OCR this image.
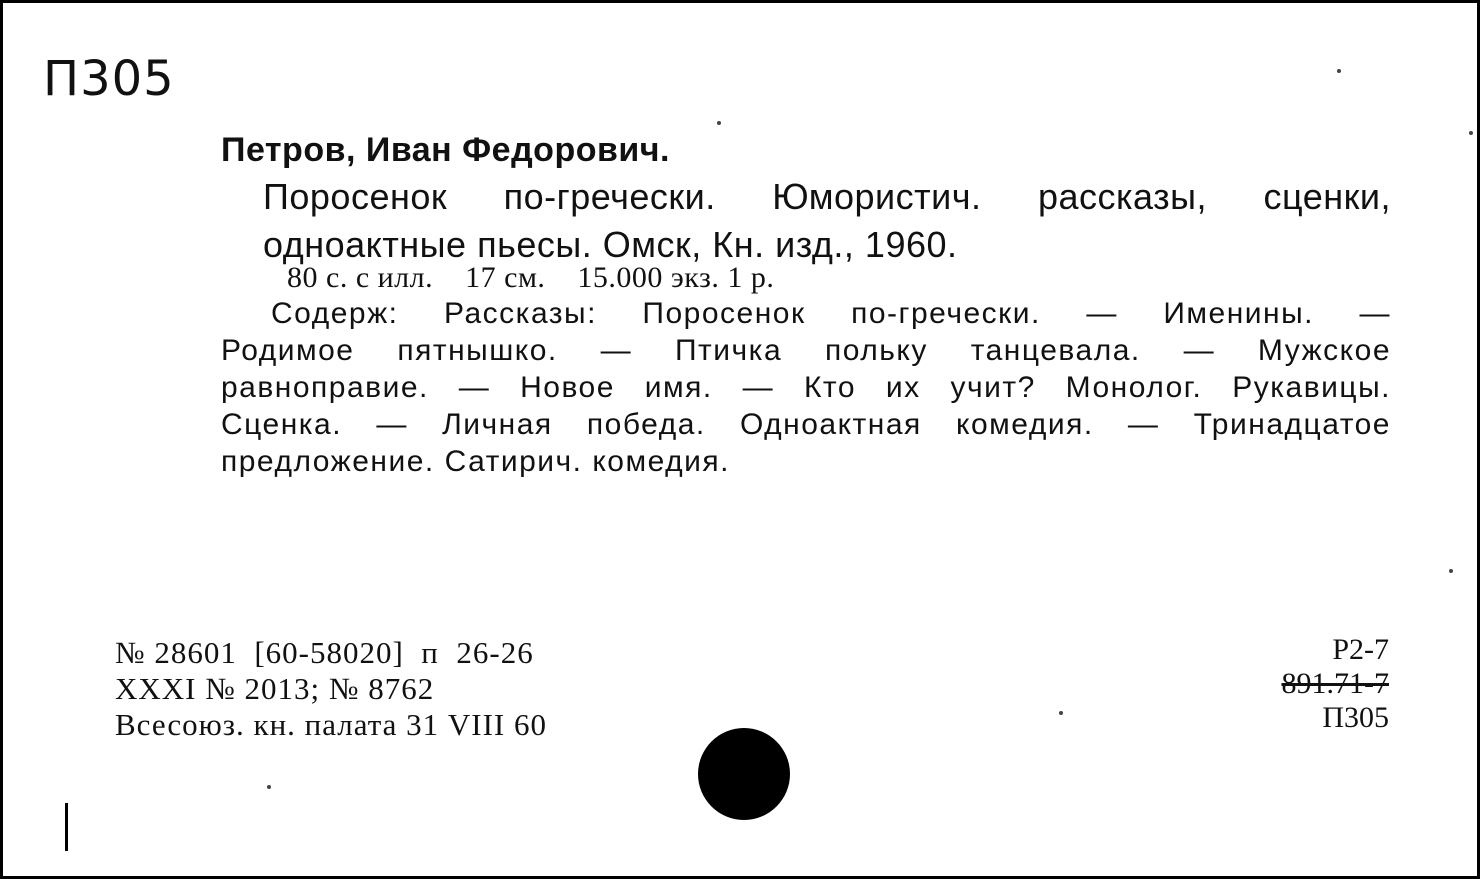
П305
Петров, Иван Федорович.
Поросенок по-гречески. Юмористич. рассказы, сценки,
одноактные пьесы. Омск, Кн. изд., 1960.
80 с. с илл.    17 см.    15.000 экз. 1 р.
Содерж: Рассказы: Поросенок по-гречески. — Именины. —
Родимое пятнышко. — Птичка польку танцевала. — Мужское
равноправие. — Новое имя. — Кто их учит? Монолог. Рукавицы.
Сценка. — Личная победа. Одноактная комедия. — Тринадцатое
предложение. Сатирич. комедия.
№ 28601  [60-58020]  п  26-26
XXXI № 2013; № 8762
Всесоюз. кн. палата 31 VIII 60
Р2-7
891.71-7
П305
